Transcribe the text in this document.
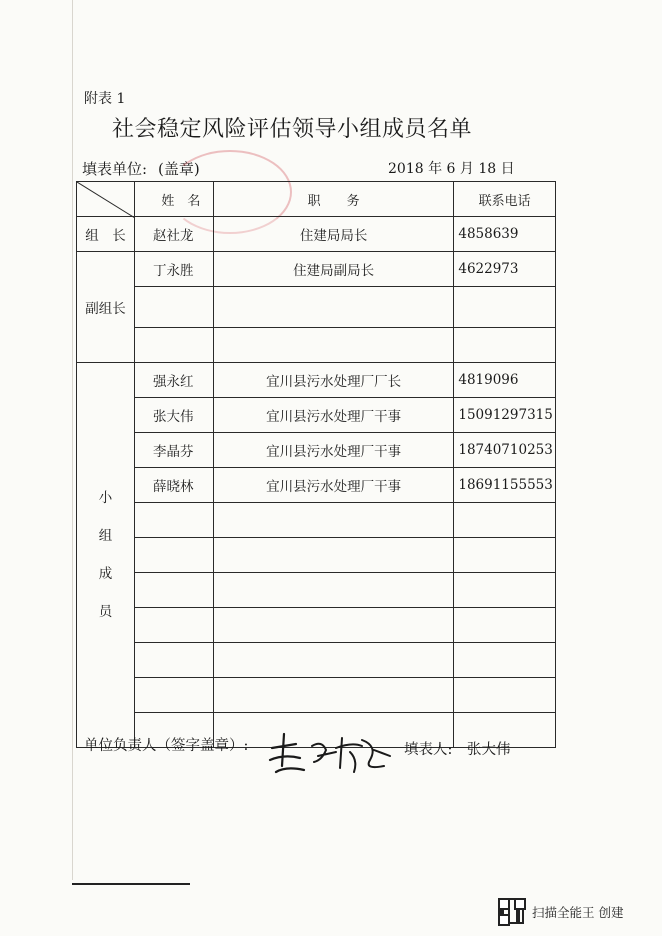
附表 1
社会稳定风险评估领导小组成员名单
填表单位: (盖章)	2018 年 6 月 18 日
	姓　名	职　　务	联系电话
组　长	赵社龙	住建局局长	4858639
副组长	丁永胜	住建局副局长	4622973

小
组
成
员	强永红	宜川县污水处理厂厂长	4819096
	张大伟	宜川县污水处理厂干事	15091297315
	李晶芬	宜川县污水处理厂干事	18740710253
	薛晓林	宜川县污水处理厂干事	18691155553

单位负责人（签字盖章）:	填表人: 张大伟
扫描全能王 创建
